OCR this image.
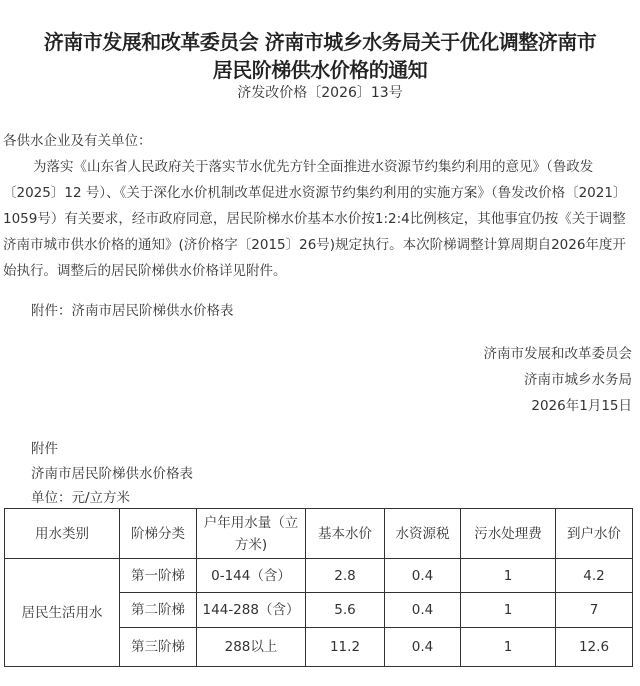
济南市发展和改革委员会 济南市城乡水务局关于优化调整济南市
居民阶梯供水价格的通知
济发改价格〔2026〕13号

各供水企业及有关单位：

为落实《山东省人民政府关于落实节水优先方针全面推进水资源节约集约利用的意见》（鲁政发〔2025〕12 号）、《关于深化水价机制改革促进水资源节约集约利用的实施方案》（鲁发改价格〔2021〕1059号）有关要求，经市政府同意，居民阶梯水价基本水价按1:2:4比例核定，其他事宜仍按《关于调整济南市城市供水价格的通知》(济价格字〔2015〕26号)规定执行。本次阶梯调整计算周期自2026年度开始执行。调整后的居民阶梯供水价格详见附件。

附件：济南市居民阶梯供水价格表
济南市发展和改革委员会
济南市城乡水务局
2026年1月15日
附件
济南市居民阶梯供水价格表
单位：元/立方米
用水类别	阶梯分类	户年用水量（立方米)	基本水价	水资源税	污水处理费	到户水价
居民生活用水	第一阶梯	0-144（含）	2.8	0.4	1	4.2
	第二阶梯	144-288（含）	5.6	0.4	1	7
	第三阶梯	288以上	11.2	0.4	1	12.6
